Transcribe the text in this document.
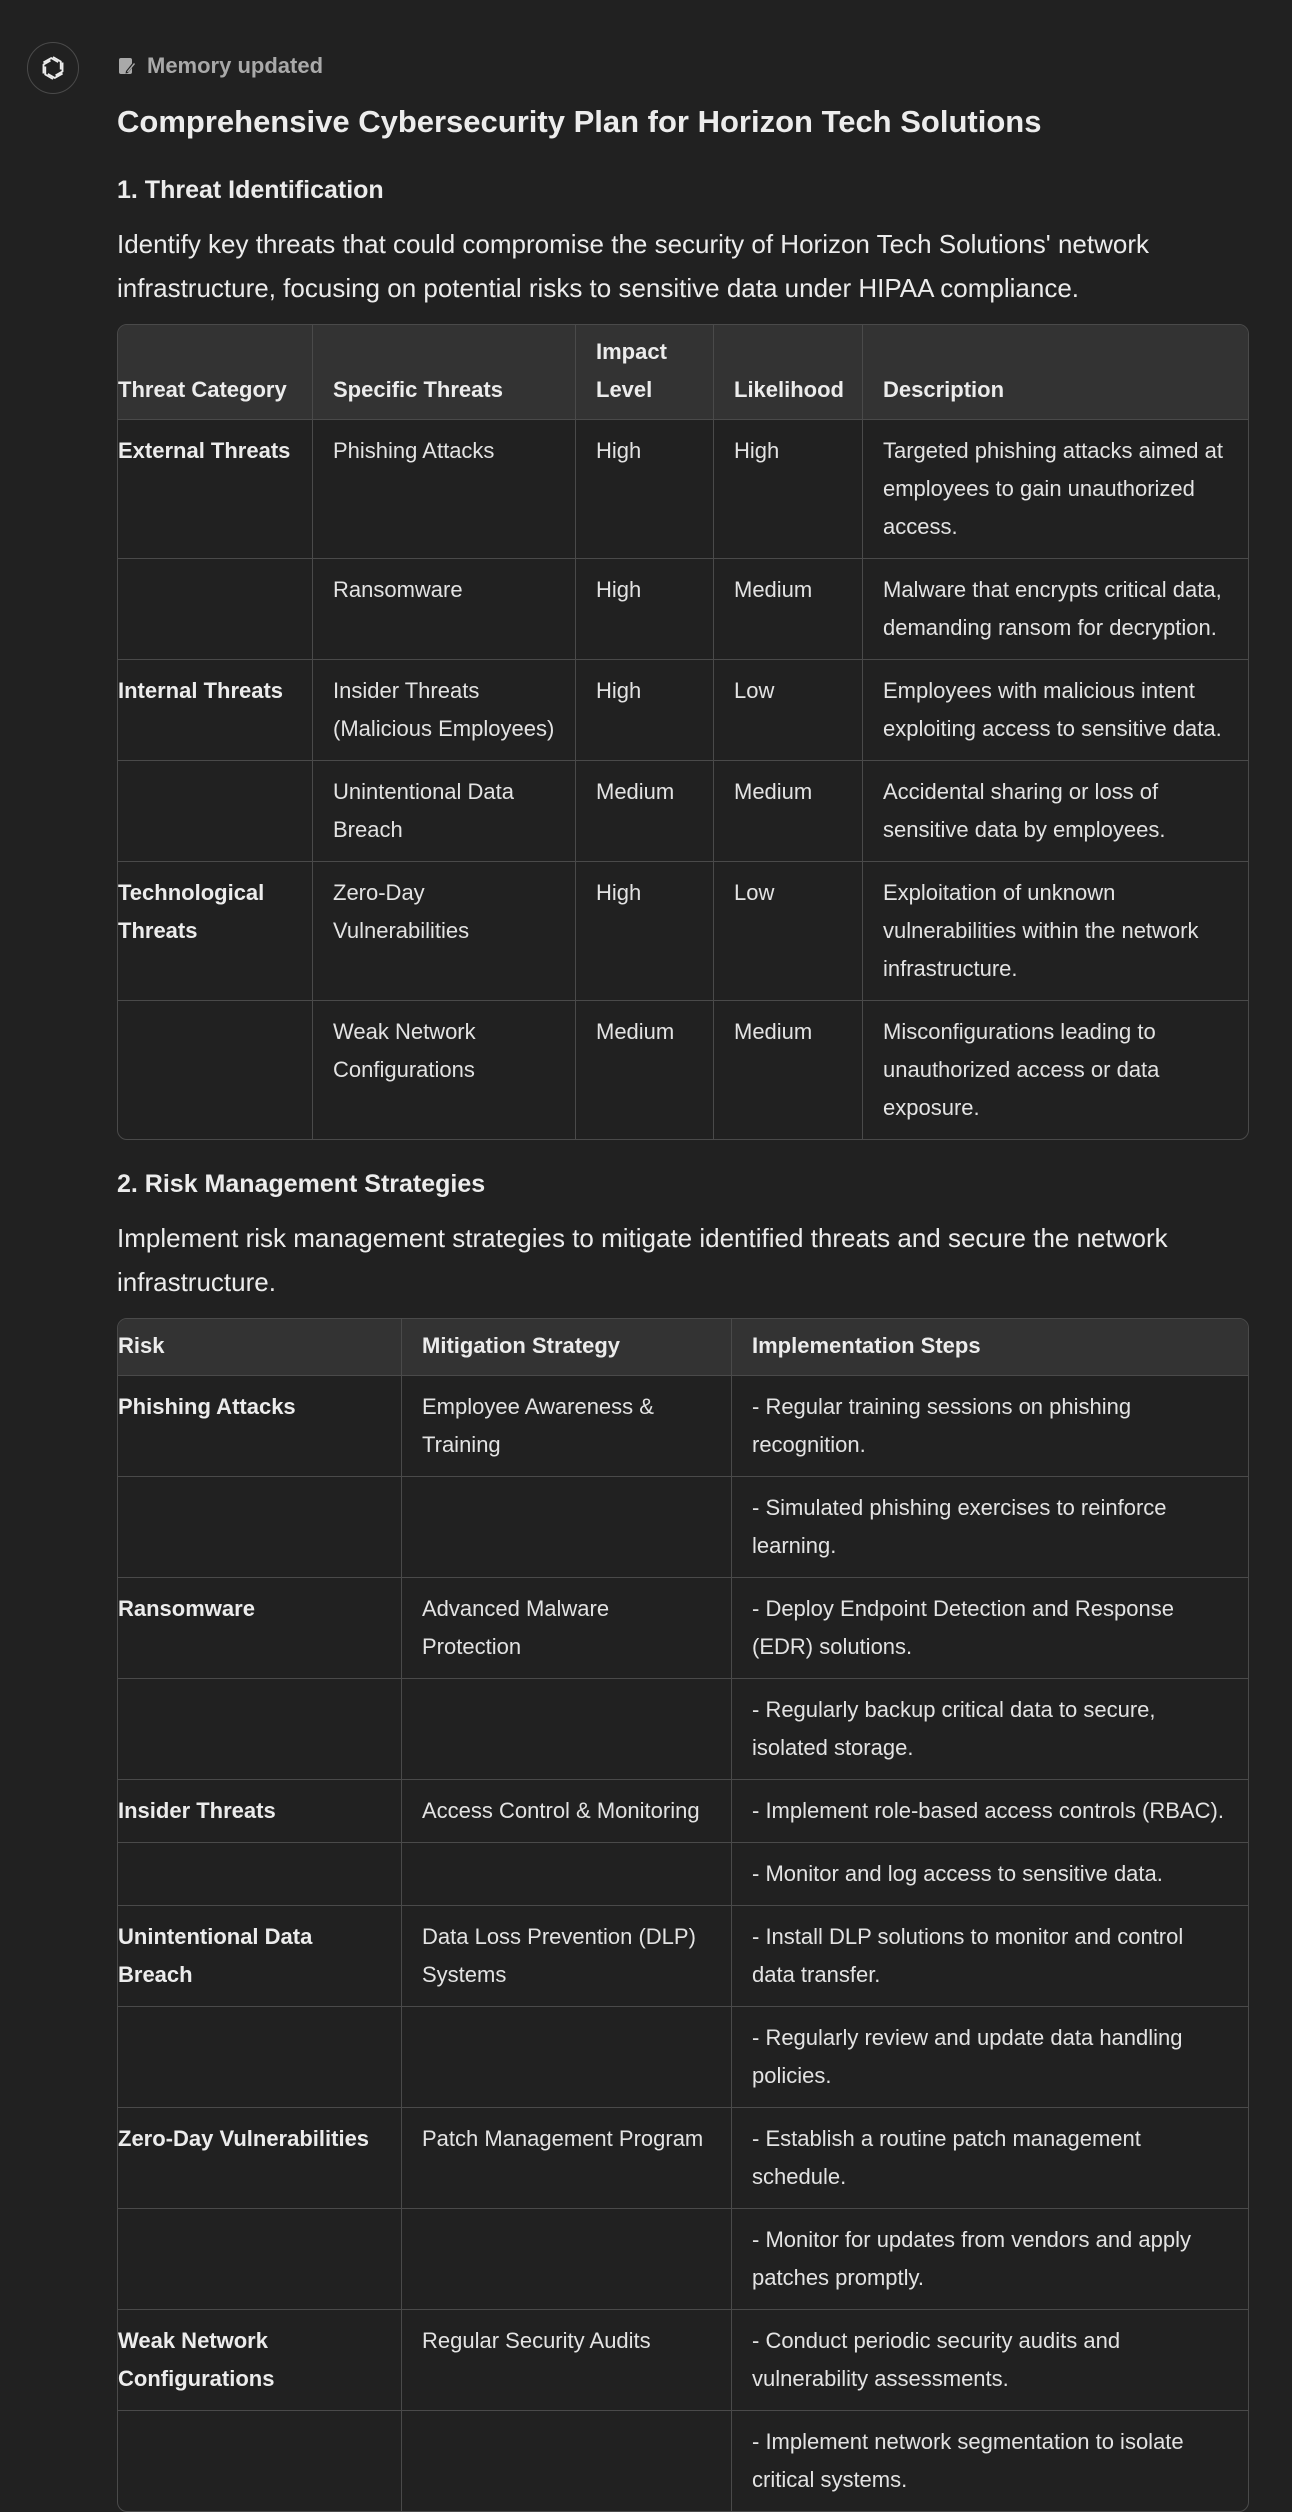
Memory updated
Comprehensive Cybersecurity Plan for Horizon Tech Solutions
1. Threat Identification

Identify key threats that could compromise the security of Horizon Tech Solutions' network infrastructure, focusing on potential risks to sensitive data under HIPAA compliance.

Threat Category	Specific Threats	Impact Level	Likelihood	Description
External Threats	Phishing Attacks	High	High	Targeted phishing attacks aimed at employees to gain unauthorized access.
	Ransomware	High	Medium	Malware that encrypts critical data, demanding ransom for decryption.
Internal Threats	Insider Threats (Malicious Employees)	High	Low	Employees with malicious intent exploiting access to sensitive data.
	Unintentional Data Breach	Medium	Medium	Accidental sharing or loss of sensitive data by employees.
Technological Threats	Zero-Day Vulnerabilities	High	Low	Exploitation of unknown vulnerabilities within the network infrastructure.
	Weak Network Configurations	Medium	Medium	Misconfigurations leading to unauthorized access or data exposure.
2. Risk Management Strategies

Implement risk management strategies to mitigate identified threats and secure the network infrastructure.

Risk	Mitigation Strategy	Implementation Steps
Phishing Attacks	Employee Awareness & Training	- Regular training sessions on phishing recognition.
		- Simulated phishing exercises to reinforce learning.
Ransomware	Advanced Malware Protection	- Deploy Endpoint Detection and Response (EDR) solutions.
		- Regularly backup critical data to secure, isolated storage.
Insider Threats	Access Control & Monitoring	- Implement role-based access controls (RBAC).
		- Monitor and log access to sensitive data.
Unintentional Data Breach	Data Loss Prevention (DLP) Systems	- Install DLP solutions to monitor and control data transfer.
		- Regularly review and update data handling policies.
Zero-Day Vulnerabilities	Patch Management Program	- Establish a routine patch management schedule.
		- Monitor for updates from vendors and apply patches promptly.
Weak Network Configurations	Regular Security Audits	- Conduct periodic security audits and vulnerability assessments.
		- Implement network segmentation to isolate critical systems.
